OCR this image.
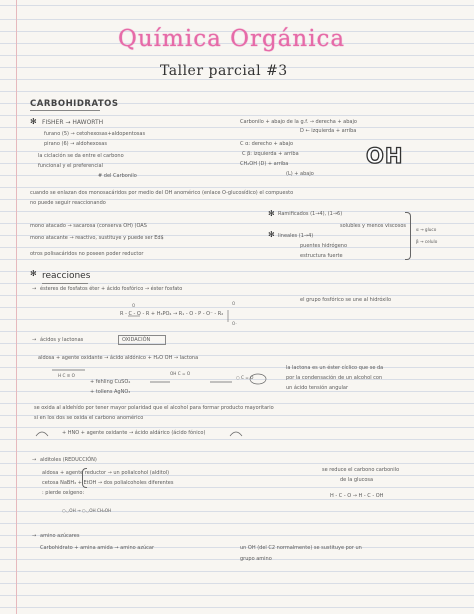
Química Orgánica
Taller parcial #3
CARBOHIDRATOS
✻ FISHER → HAWORTH
furano (5) → cetohexosas+aldopentosas
pirano (6) → aldohexosas
Carbonilo + abajo de la g.f. → derecha + abajo
D ← izquierda + arriba
la ciclación se da entre el carbono
funcional y el preferencial
# del Carbonilo
C α: derecho + abajo
C β: izquierda + arriba
CH₂OH (D) + arriba
(L) + abajo
OH
cuando se enlazan dos monosacáridos por medio del OH anomérico (enlace O-glucosídico) el compuesto
no puede seguir reaccionando
✻ Ramificados (1→4), (1→6)
solubles y menos viscosos
✻ lineales (1→4)
puentes hidrógeno
estructura fuerte
α → gluco
β → celulo
mono atacado → sacarosa (conserva OH) (OAS
mono atacante → reactivo, sustituye y puede ser Ed$
otros polisacáridos no poseen poder reductor
✻ reacciones
→ ésteres de fosfatos éter + ácido fosfórico → éster fosfato
R - C - O - R + H₃PO₄ → R₁ - O - P - O⁻ - R₂
O	O
O⁻
el grupo fosfórico se une al hidróxilo
→ ácidos y lactonas	OXIDACIÓN
aldosa + agente oxidante → ácido aldónico + H₂O OH → lactona
+ fehling CuSO₄
+ tollens AgNO₃
H C ≡ O	OH C = O
○ C = O
la lactona es un éster cíclico que se da
por la condensación de un alcohol con
un ácido tensión angular
se oxida al aldehído por tener mayor polaridad que el alcohol para formar producto mayoritario
si en los dos se oxida el carbono anomérico
+ HNO + agente oxidante → ácido aldárico (ácido fónico)
→ alditoles (REDUCCIÓN)
aldosa + agente reductor → un polialcohol (alditol)
cetosa NaBH₄ + EtOH → dos polialcoholes diferentes
: pierde oxígeno:
○◡OH → ○◡OH CH₂OH
se reduce el carbono carbonilo
de la glucosa
H - C - O → H - C - OH
→ amino azúcares
Carbohidrato + amina amida → amino azúcar	un OH (del C2 normalmente) se sustituye por un
grupo amino
